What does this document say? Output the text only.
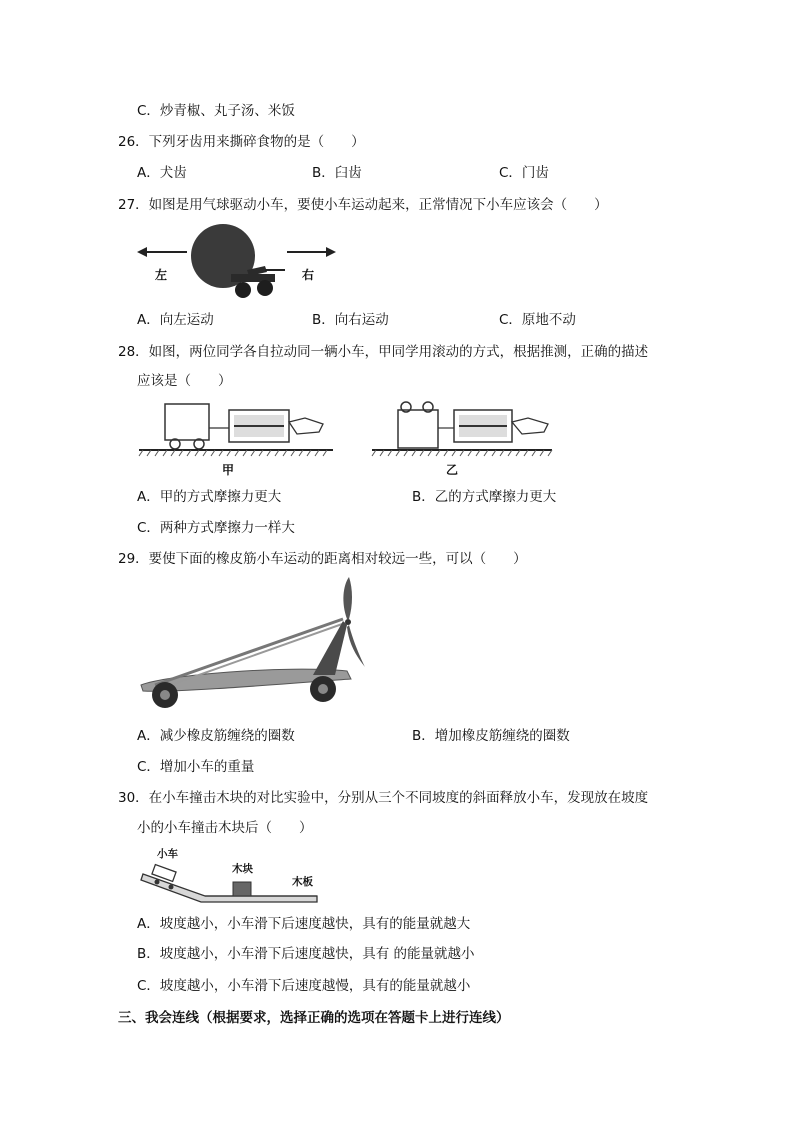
C．炒青椒、丸子汤、米饭
26．下列牙齿用来撕碎食物的是（　　）
A．犬齿	B．臼齿	C．门齿
27．如图是用气球驱动小车，要使小车运动起来，正常情况下小车应该会（　　）
左	右
A．向左运动	B．向右运动	C．原地不动
28．如图，两位同学各自拉动同一辆小车，甲同学用滚动的方式，根据推测，正确的描述
应该是（　　）
甲	乙
A．甲的方式摩擦力更大	B．乙的方式摩擦力更大
C．两种方式摩擦力一样大
29．要使下面的橡皮筋小车运动的距离相对较远一些，可以（　　）
A．减少橡皮筋缠绕的圈数	B．增加橡皮筋缠绕的圈数
C．增加小车的重量
30．在小车撞击木块的对比实验中，分别从三个不同坡度的斜面释放小车，发现放在坡度
小的小车撞击木块后（　　）
小车
木块
木板
A．坡度越小，小车滑下后速度越快，具有的能量就越大
B．坡度越小，小车滑下后速度越快，具有 的能量就越小
C．坡度越小，小车滑下后速度越慢，具有的能量就越小
三、我会连线（根据要求，选择正确的选项在答题卡上进行连线）
